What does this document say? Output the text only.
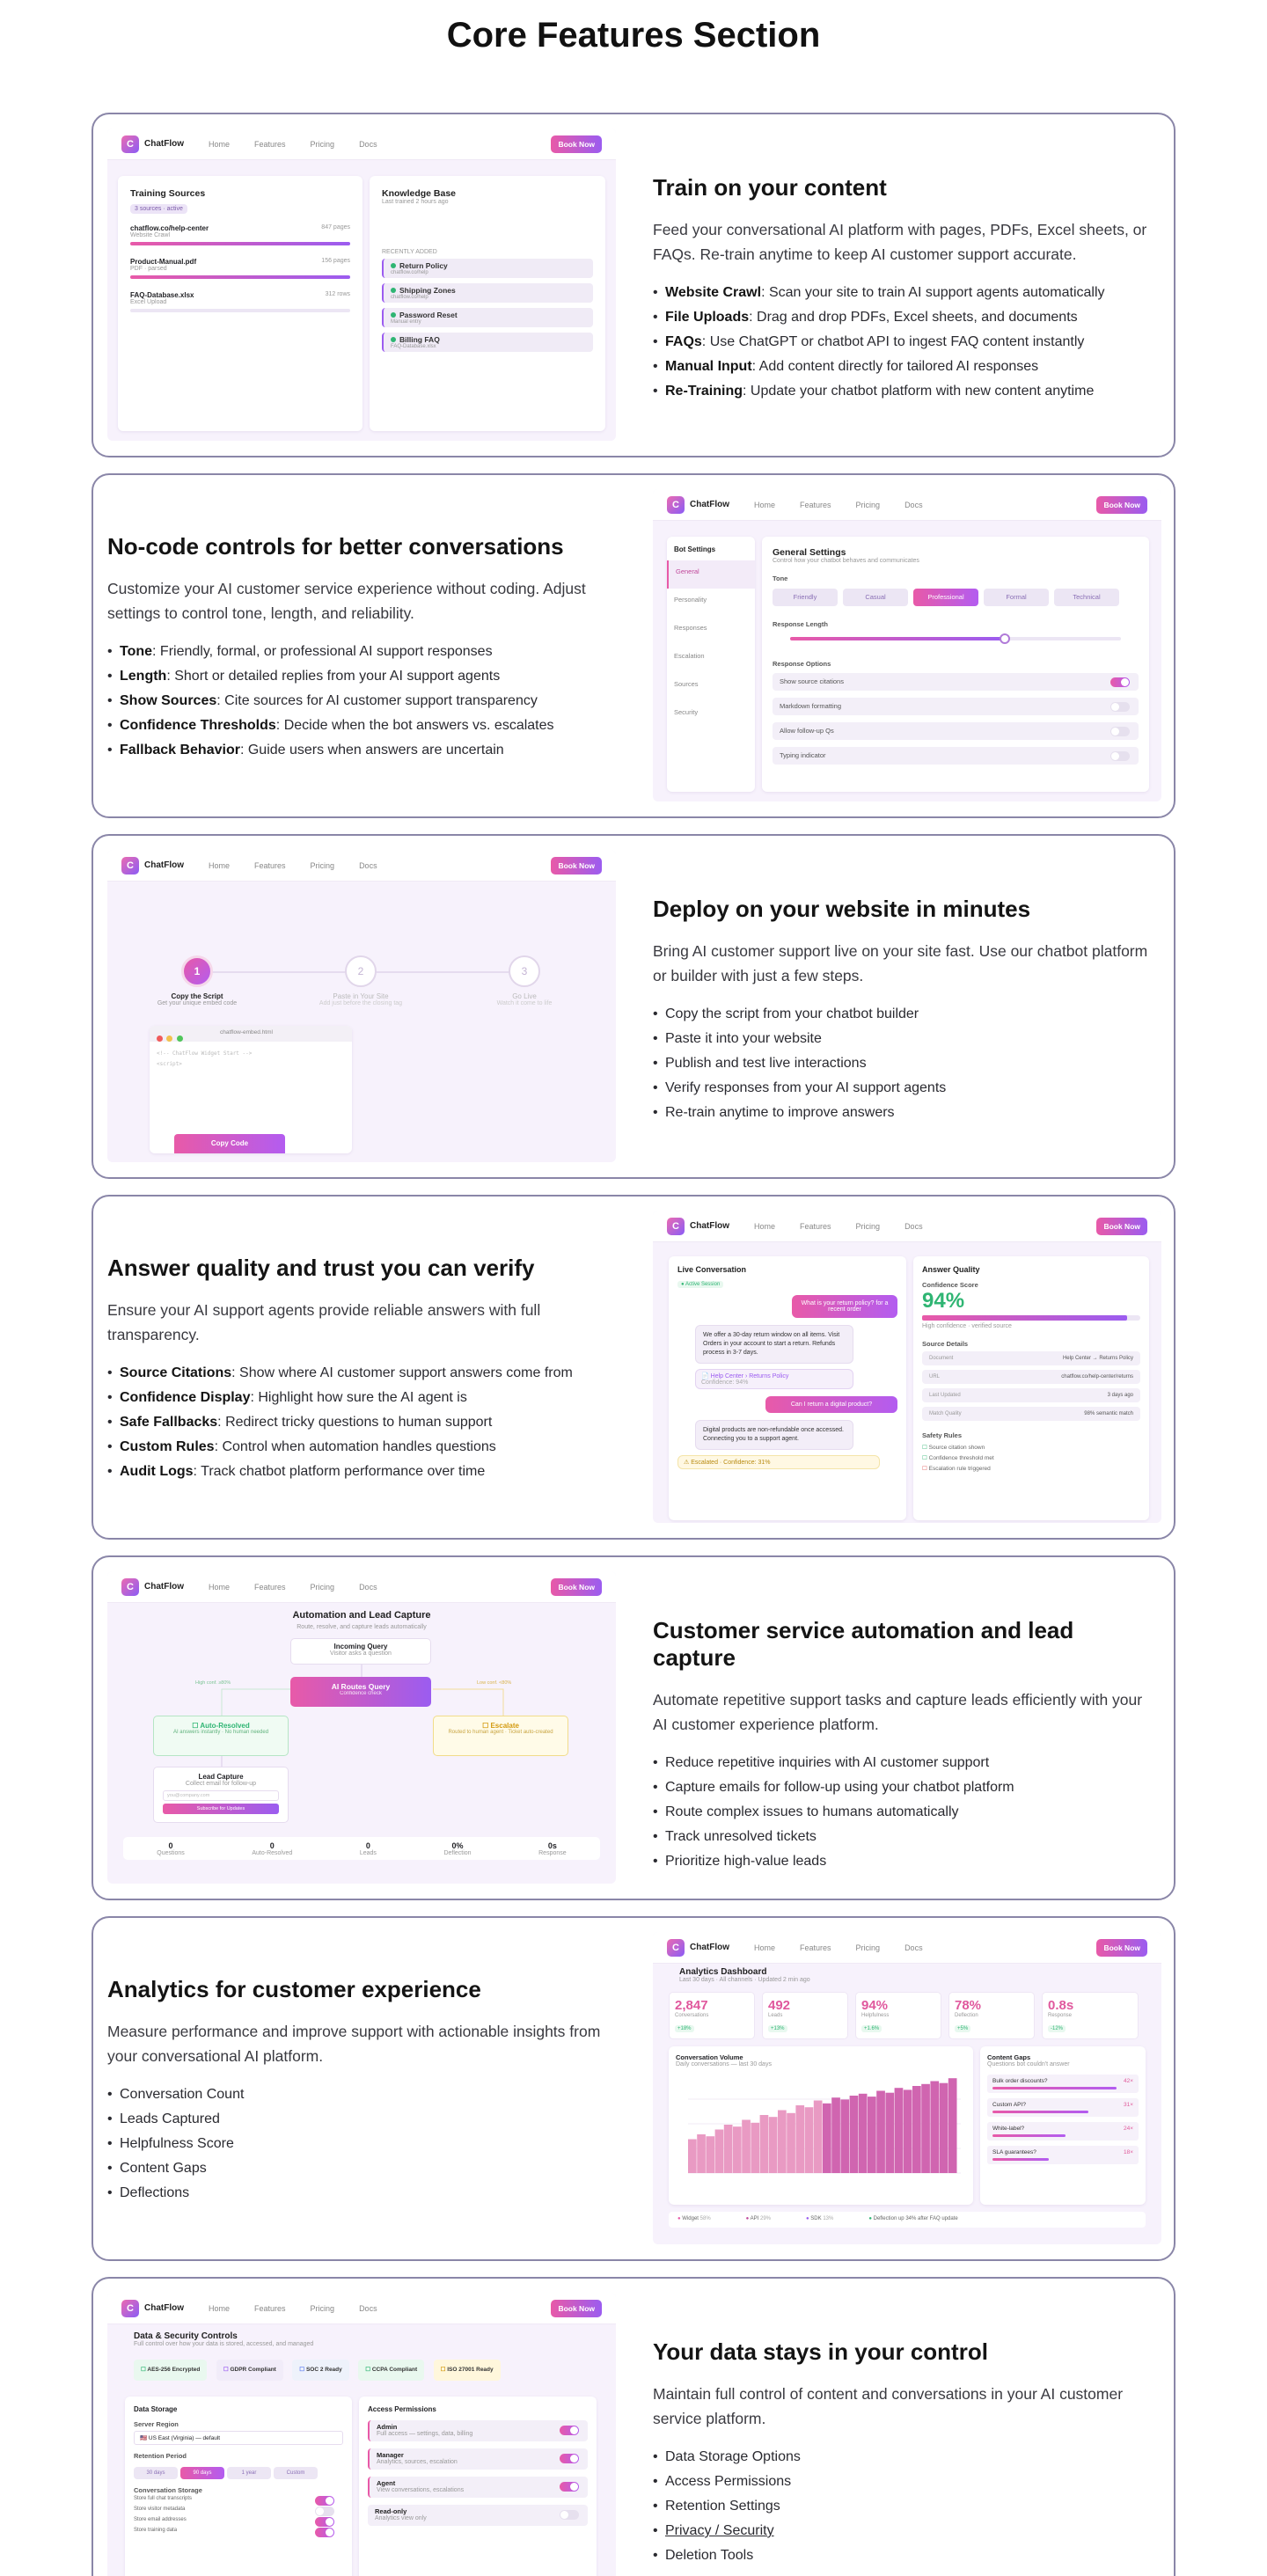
Core Features Section
C	ChatFlow	Home	Features	Pricing	Docs	Book Now
Training Sources
3 sources · active
chatflow.co/help-center	847 pages
Website Crawl
Product-Manual.pdf	156 pages
PDF · parsed
FAQ-Database.xlsx	312 rows
Excel Upload
Knowledge Base
Last trained 2 hours ago
RECENTLY ADDED
Return Policy
chatflow.co/help
Shipping Zones
chatflow.co/help
Password Reset
Manual entry
Billing FAQ
FAQ-Database.xlsx
Train on your content

Feed your conversational AI platform with pages, PDFs, Excel sheets, or FAQs. Re-train anytime to keep AI customer support accurate.

• Website Crawl: Scan your site to train AI support agents automatically
• File Uploads: Drag and drop PDFs, Excel sheets, and documents
• FAQs: Use ChatGPT or chatbot API to ingest FAQ content instantly
• Manual Input: Add content directly for tailored AI responses
• Re-Training: Update your chatbot platform with new content anytime
No-code controls for better conversations

Customize your AI customer service experience without coding. Adjust settings to control tone, length, and reliability.

• Tone: Friendly, formal, or professional AI support responses
• Length: Short or detailed replies from your AI support agents
• Show Sources: Cite sources for AI customer support transparency
• Confidence Thresholds: Decide when the bot answers vs. escalates
• Fallback Behavior: Guide users when answers are uncertain
C	ChatFlow	Home	Features	Pricing	Docs	Book Now
Bot Settings
General
Personality
Responses
Escalation
Sources
Security
General Settings
Control how your chatbot behaves and communicates
Tone
Friendly	Casual	Professional	Formal	Technical
Response Length
Response Options
Show source citations
Markdown formatting
Allow follow-up Qs
Typing indicator
C	ChatFlow	Home	Features	Pricing	Docs	Book Now
1	2	3
Copy the Script
Get your unique embed code
Paste in Your Site
Add just before the closing tag
Go Live
Watch it come to life

chatflow-embed.html
<!-- ChatFlow Widget Start -->
<script>
Copy Code
Deploy on your website in minutes

Bring AI customer support live on your site fast. Use our chatbot platform or builder with just a few steps.

• Copy the script from your chatbot builder
• Paste it into your website
• Publish and test live interactions
• Verify responses from your AI support agents
• Re-train anytime to improve answers
Answer quality and trust you can verify

Ensure your AI support agents provide reliable answers with full transparency.

• Source Citations: Show where AI customer support answers come from
• Confidence Display: Highlight how sure the AI agent is
• Safe Fallbacks: Redirect tricky questions to human support
• Custom Rules: Control when automation handles questions
• Audit Logs: Track chatbot platform performance over time
C	ChatFlow	Home	Features	Pricing	Docs	Book Now
Live Conversation
● Active Session
What is your return policy? for a recent order
We offer a 30-day return window on all items. Visit Orders in your account to start a return. Refunds process in 3-7 days.
📄 Help Center › Returns Policy
Confidence: 94%
Can I return a digital product?
Digital products are non-refundable once accessed. Connecting you to a support agent.
⚠ Escalated · Confidence: 31%
Answer Quality
Confidence Score
94%
High confidence · verified source
Source Details
Document	Help Center → Returns Policy
URL	chatflow.co/help-center/returns
Last Updated	3 days ago
Match Quality	98% semantic match
Safety Rules
☐ Source citation shown
☐ Confidence threshold met
☐ Escalation rule triggered
C	ChatFlow	Home	Features	Pricing	Docs	Book Now
Automation and Lead Capture
Route, resolve, and capture leads automatically
Incoming Query
Visitor asks a question
AI Routes Query
Confidence check
High conf. ≥80%	Low conf. <80%
☐ Auto-Resolved
AI answers instantly · No human needed
☐ Escalate
Routed to human agent · Ticket auto-created
Lead Capture
Collect email for follow-up
you@company.com
Subscribe for Updates
0
Questions
0
Auto-Resolved
0
Leads
0%
Deflection
0s
Response
Customer service automation and lead capture

Automate repetitive support tasks and capture leads efficiently with your AI customer experience platform.

• Reduce repetitive inquiries with AI customer support
• Capture emails for follow-up using your chatbot platform
• Route complex issues to humans automatically
• Track unresolved tickets
• Prioritize high-value leads
Analytics for customer experience

Measure performance and improve support with actionable insights from your conversational AI platform.

• Conversation Count
• Leads Captured
• Helpfulness Score
• Content Gaps
• Deflections
C	ChatFlow	Home	Features	Pricing	Docs	Book Now
Analytics Dashboard
Last 30 days · All channels · Updated 2 min ago
2,847
Conversations
+18%
492
Leads
+13%
94%
Helpfulness
+1.6%
78%
Deflection
+5%
0.8s
Response
-12%
Conversation Volume
Daily conversations — last 30 days
Content Gaps
Questions bot couldn't answer
Bulk order discounts?	42×
Custom API?	31×
White-label?	24×
SLA guarantees?	18×
● Widget 58%	● API 29%	● SDK 13%	● Deflection up 34% after FAQ update
C	ChatFlow	Home	Features	Pricing	Docs	Book Now
Data & Security Controls
Full control over how your data is stored, accessed, and managed
☐ AES-256 Encrypted	☐ GDPR Compliant	☐ SOC 2 Ready	☐ CCPA Compliant	☐ ISO 27001 Ready
Data Storage
Server Region
🇺🇸 US East (Virginia) — default
Retention Period
30 days	90 days	1 year	Custom
Conversation Storage
Store full chat transcripts
Store visitor metadata
Store email addresses
Store training data
Access Permissions
Admin
Full access — settings, data, billing
Manager
Analytics, sources, escalation
Agent
View conversations, escalations
Read-only
Analytics view only
Your data stays in your control

Maintain full control of content and conversations in your AI customer service platform.

• Data Storage Options
• Access Permissions
• Retention Settings
• Privacy / Security
• Deletion Tools
